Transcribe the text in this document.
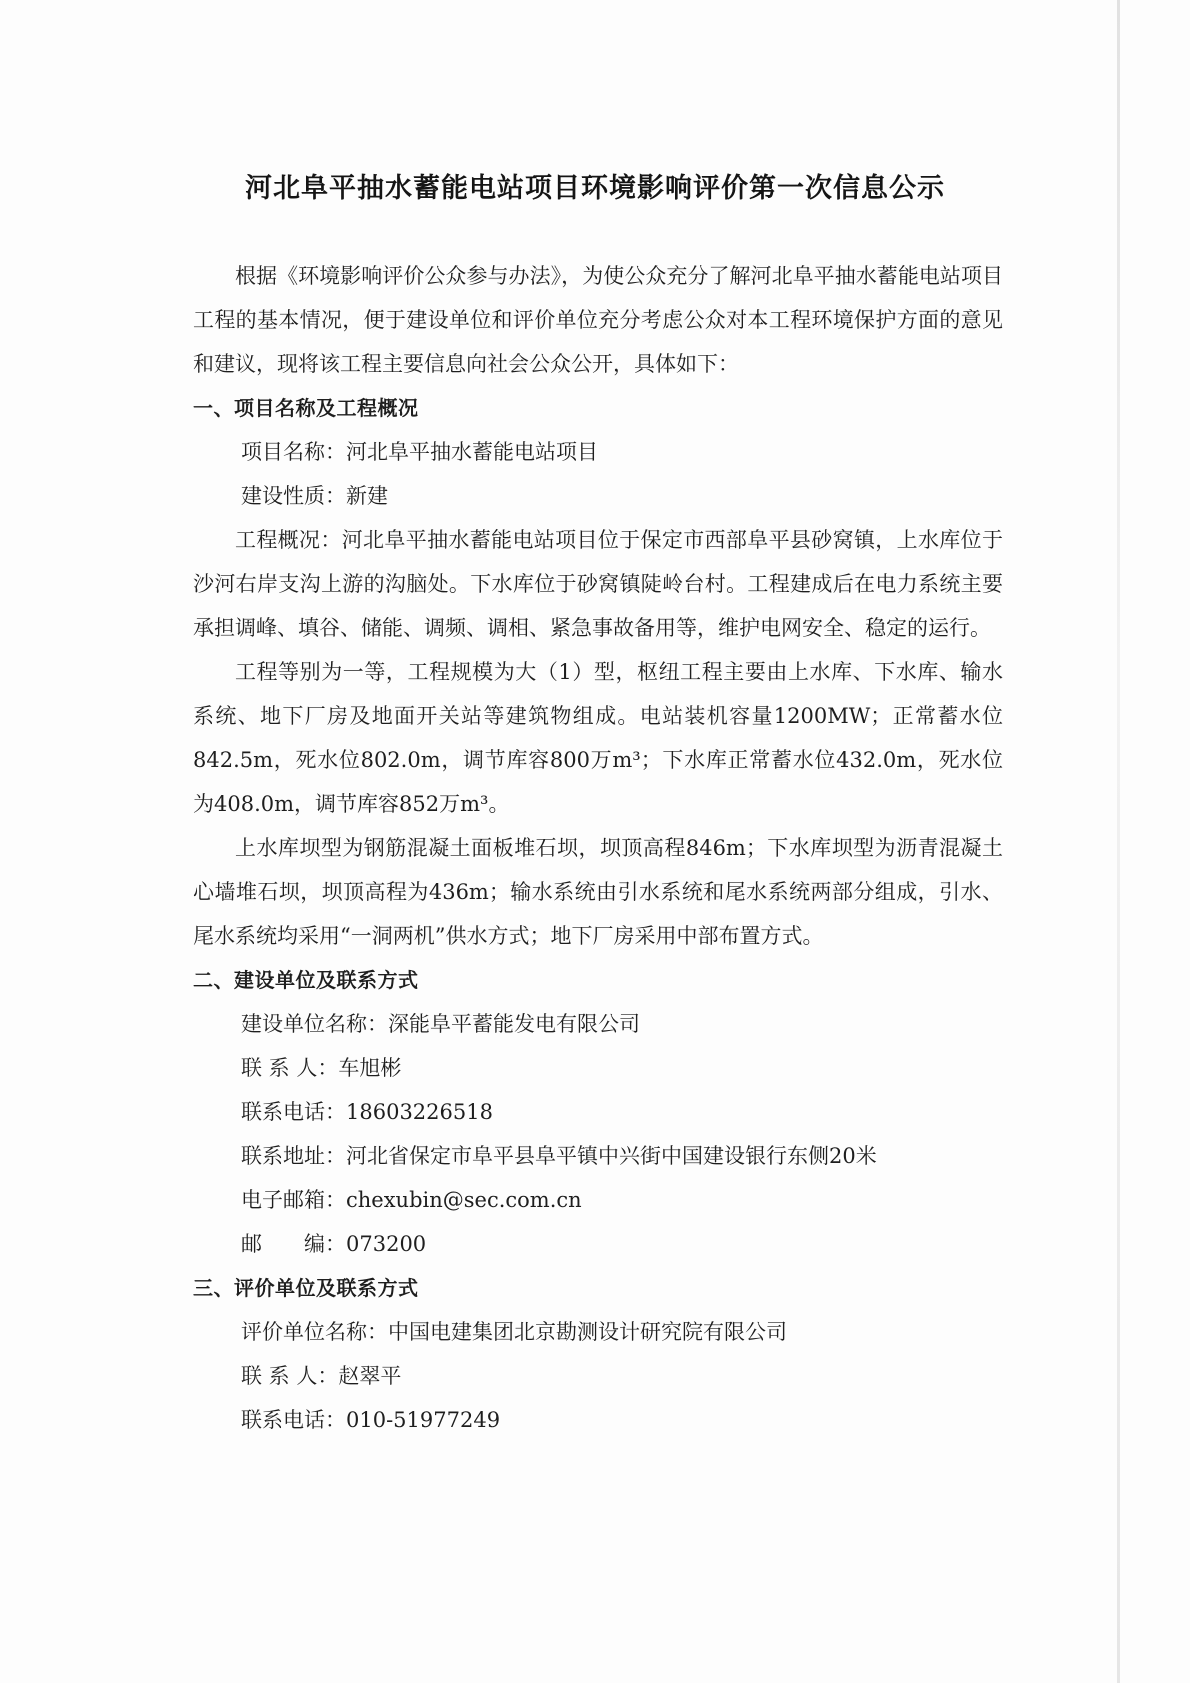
河北阜平抽水蓄能电站项目环境影响评价第一次信息公示

根据《环境影响评价公众参与办法》，为使公众充分了解河北阜平抽水蓄能电站项目工程的基本情况，便于建设单位和评价单位充分考虑公众对本工程环境保护方面的意见和建议，现将该工程主要信息向社会公众公开，具体如下：

一、项目名称及工程概况

项目名称：河北阜平抽水蓄能电站项目

建设性质：新建

工程概况：河北阜平抽水蓄能电站项目位于保定市西部阜平县砂窝镇，上水库位于沙河右岸支沟上游的沟脑处。下水库位于砂窝镇陡岭台村。工程建成后在电力系统主要承担调峰、填谷、储能、调频、调相、紧急事故备用等，维护电网安全、稳定的运行。

工程等别为一等，工程规模为大（1）型，枢纽工程主要由上水库、下水库、输水系统、地下厂房及地面开关站等建筑物组成。电站装机容量1200MW；正常蓄水位842.5m，死水位802.0m，调节库容800万m³；下水库正常蓄水位432.0m，死水位为408.0m，调节库容852万m³。

上水库坝型为钢筋混凝土面板堆石坝，坝顶高程846m；下水库坝型为沥青混凝土心墙堆石坝，坝顶高程为436m；输水系统由引水系统和尾水系统两部分组成，引水、尾水系统均采用“一洞两机”供水方式；地下厂房采用中部布置方式。

二、建设单位及联系方式

建设单位名称：深能阜平蓄能发电有限公司

联 系 人：车旭彬

联系电话：18603226518

联系地址：河北省保定市阜平县阜平镇中兴街中国建设银行东侧20米

电子邮箱：chexubin@sec.com.cn

邮　　编：073200

三、评价单位及联系方式

评价单位名称：中国电建集团北京勘测设计研究院有限公司

联 系 人：赵翠平

联系电话：010-51977249
